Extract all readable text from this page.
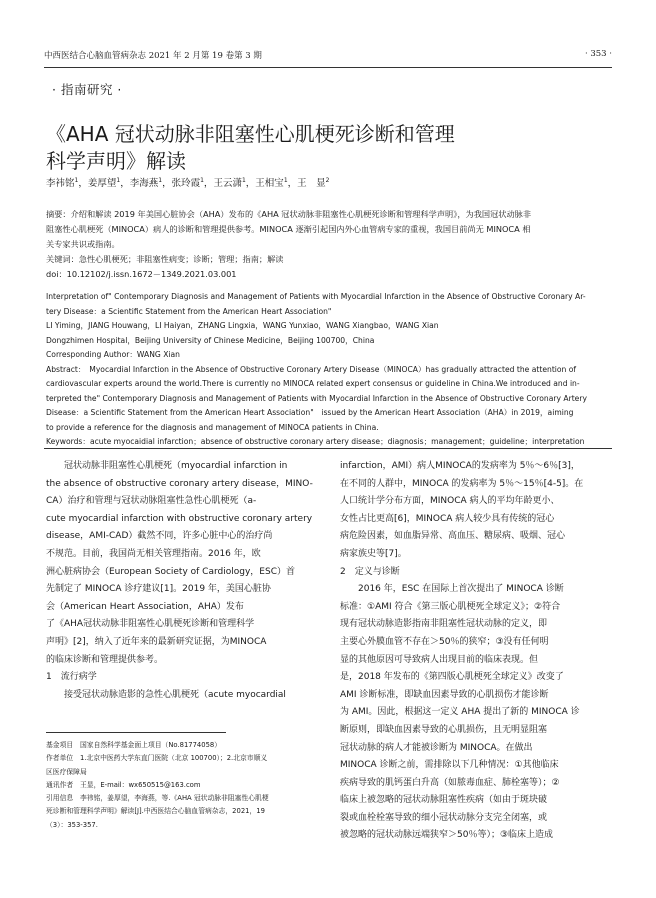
中西医结合心脑血管病杂志 2021 年 2 月第 19 卷第 3 期	· 353 ·
· 指南研究 ·
《AHA 冠状动脉非阻塞性心肌梗死诊断和管理
科学声明》解读
李祎铭$^1$，姜厚望$^1$，李海燕$^1$，张玲霞$^1$，王云潇$^1$，王相宝$^1$，王　显$^2$
摘要：介绍和解读 2019 年美国心脏协会（AHA）发布的《AHA 冠状动脉非阻塞性心肌梗死诊断和管理科学声明》，为我国冠状动脉非
阻塞性心肌梗死（MINOCA）病人的诊断和管理提供参考。MINOCA 逐渐引起国内外心血管病专家的重视，我国目前尚无 MINOCA 相
关专家共识或指南。
关键词：急性心肌梗死；非阻塞性病变；诊断；管理；指南；解读
doi：10.12102/j.issn.1672－1349.2021.03.001
Interpretation of" Contemporary Diagnosis and Management of Patients with Myocardial Infarction in the Absence of Obstructive Coronary Ar-
tery Disease：a Scientific Statement from the American Heart Association"
LI Yiming，JIANG Houwang，LI Haiyan，ZHANG Lingxia，WANG Yunxiao，WANG Xiangbao，WANG Xian
Dongzhimen Hospital，Beijing University of Chinese Medicine，Beijing 100700，China
Corresponding Author：WANG Xian
Abstract：　Myocardial Infarction in the Absence of Obstructive Coronary Artery Disease（MINOCA）has gradually attracted the attention of
cardiovascular experts around the world.There is currently no MINOCA related expert consensus or guideline in China.We introduced and in-
terpreted the" Contemporary Diagnosis and Management of Patients with Myocardial Infarction in the Absence of Obstructive Coronary Artery
Disease：a Scientific Statement from the American Heart Association"　issued by the American Heart Association（AHA）in 2019，aiming
to provide a reference for the diagnosis and management of MINOCA patients in China.
Keywords：acute myocaidial infarction；absence of obstructive coronary artery disease；diagnosis；management；guideline；interpretation

冠状动脉非阻塞性心肌梗死（myocardial infarction in

the absence of obstructive coronary artery disease，MINO-

CA）治疗和管理与冠状动脉阻塞性急性心肌梗死（a-

cute myocardial infarction with obstructive coronary artery

disease，AMI-CAD）截然不同，许多心脏中心的治疗尚

不规范。目前，我国尚无相关管理指南。2016 年，欧

洲心脏病协会（European Society of Cardiology，ESC）首

先制定了 MINOCA 诊疗建议[1]。2019 年，美国心脏协

会（American Heart Association，AHA）发布

了《AHA冠状动脉非阻塞性心肌梗死诊断和管理科学

声明》[2]，纳入了近年来的最新研究证据，为MINOCA

的临床诊断和管理提供参考。

1　流行病学

接受冠状动脉造影的急性心肌梗死（acute myocardial

基金项目　国家自然科学基金面上项目（No.81774058）
作者单位　1.北京中医药大学东直门医院（北京 100700）；2.北京市顺义
区医疗保障局
通讯作者　王显，E-mail：wx650515@163.com
引用信息　李祎铭，姜厚望，李海燕，等.《AHA 冠状动脉非阻塞性心肌梗
死诊断和管理科学声明》解读[J].中西医结合心脑血管病杂志，2021，19
（3）：353-357.

infarction，AMI）病人MINOCA的发病率为 5％～6％[3]，

在不同的人群中，MINOCA 的发病率为 5％～15％[4-5]。在

人口统计学分布方面，MINOCA 病人的平均年龄更小、

女性占比更高[6]，MINOCA 病人较少具有传统的冠心

病危险因素，如血脂异常、高血压、糖尿病、吸烟、冠心

病家族史等[7]。

2　定义与诊断

2016 年，ESC 在国际上首次提出了 MINOCA 诊断

标准：①AMI 符合《第三版心肌梗死全球定义》；②符合

现有冠状动脉造影指南非阻塞性冠状动脉的定义，即

主要心外膜血管不存在＞50％的狭窄；③没有任何明

显的其他原因可导致病人出现目前的临床表现。但

是，2018 年发布的《第四版心肌梗死全球定义》改变了

AMI 诊断标准，即缺血因素导致的心肌损伤才能诊断

为 AMI。因此，根据这一定义 AHA 提出了新的 MINOCA 诊

断原则，即缺血因素导致的心肌损伤，且无明显阻塞

冠状动脉的病人才能被诊断为 MINOCA。在做出

MINOCA 诊断之前，需排除以下几种情况：①其他临床

疾病导致的肌钙蛋白升高（如脓毒血症、肺栓塞等）；②

临床上被忽略的冠状动脉阻塞性疾病（如由于斑块破

裂或血栓栓塞导致的细小冠状动脉分支完全闭塞，或

被忽略的冠状动脉远端狭窄＞50％等）；③临床上造成
